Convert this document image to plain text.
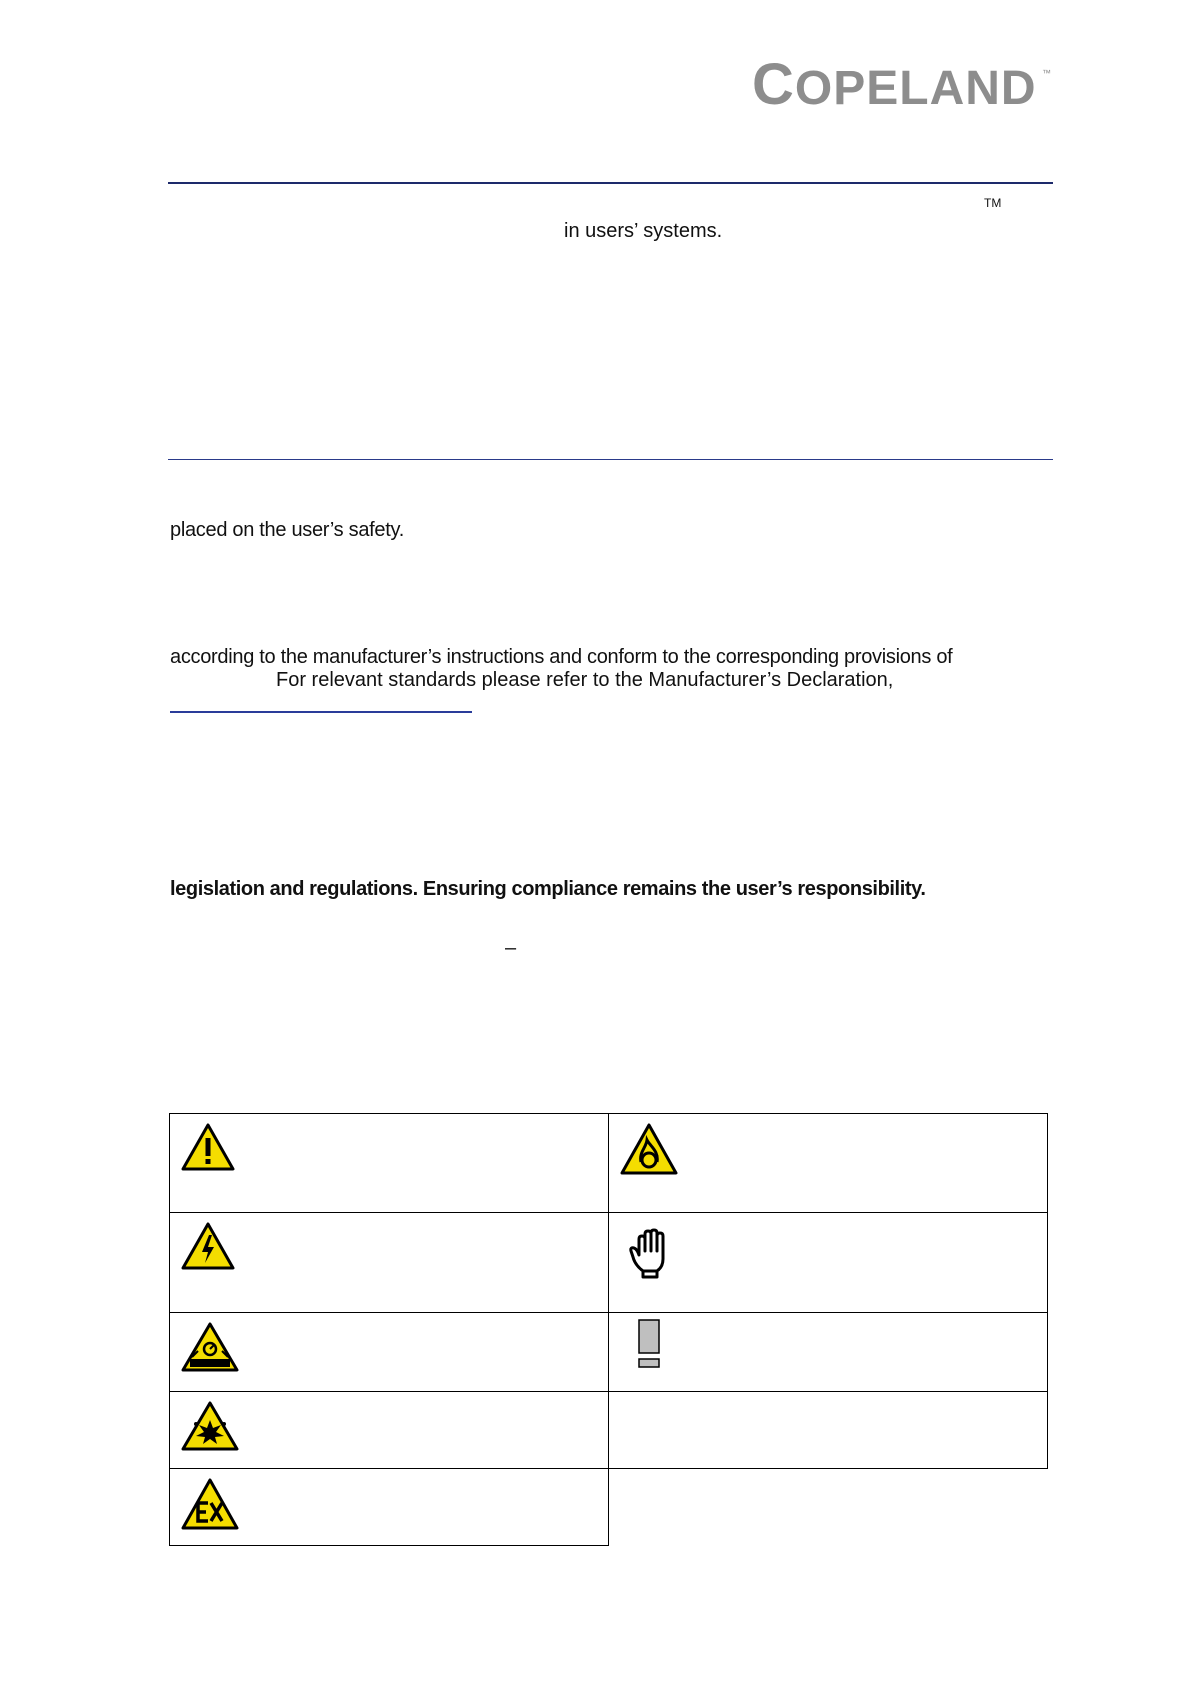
COPELAND ™
TM
in users’ systems.
placed on the user’s safety.
according to the manufacturer’s instructions and conform to the corresponding provisions of
For relevant standards please refer to the Manufacturer’s Declaration,
legislation and regulations. Ensuring compliance remains the user’s responsibility.
–
